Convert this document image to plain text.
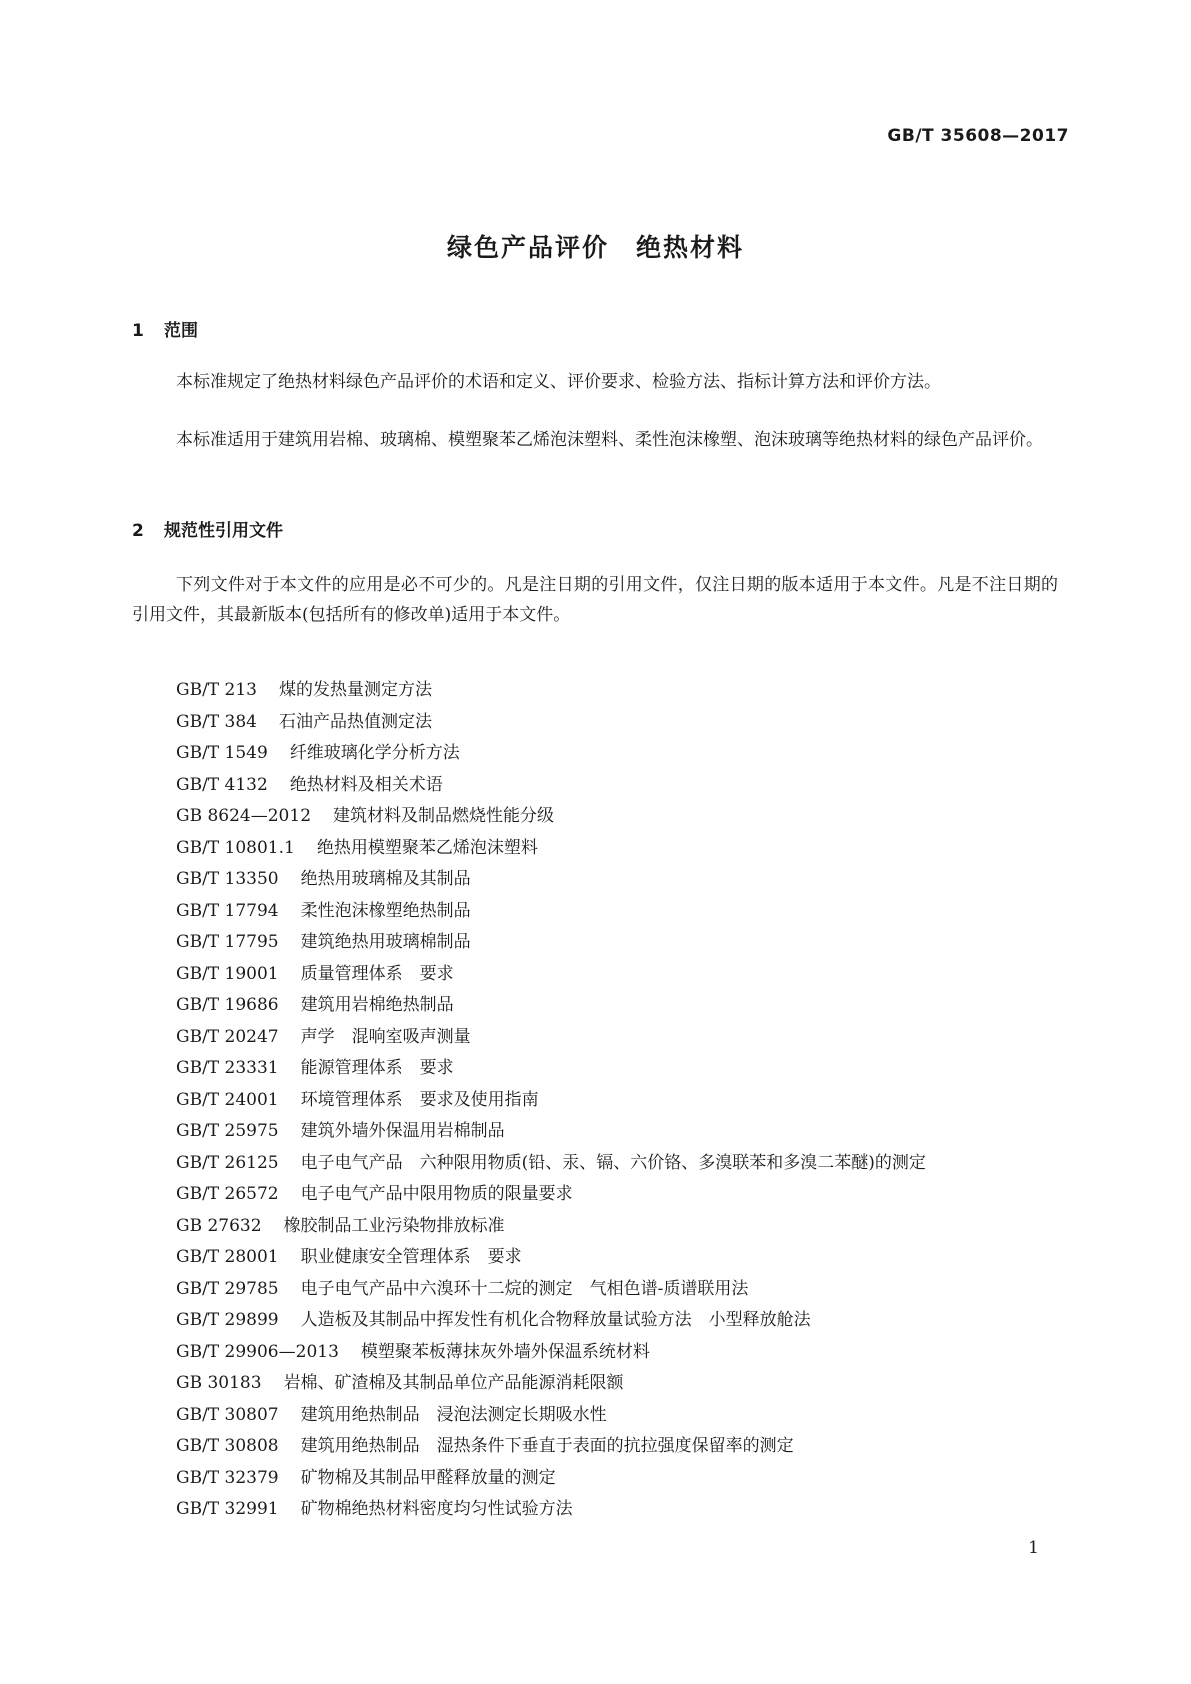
GB/T 35608—2017
绿色产品评价　绝热材料
1 范围
本标准规定了绝热材料绿色产品评价的术语和定义、评价要求、检验方法、指标计算方法和评价方法。
本标准适用于建筑用岩棉、玻璃棉、模塑聚苯乙烯泡沫塑料、柔性泡沫橡塑、泡沫玻璃等绝热材料的绿色产品评价。
2 规范性引用文件
下列文件对于本文件的应用是必不可少的。凡是注日期的引用文件，仅注日期的版本适用于本文件。凡是不注日期的引用文件，其最新版本(包括所有的修改单)适用于本文件。
GB/T 213 煤的发热量测定方法
GB/T 384 石油产品热值测定法
GB/T 1549 纤维玻璃化学分析方法
GB/T 4132 绝热材料及相关术语
GB 8624—2012 建筑材料及制品燃烧性能分级
GB/T 10801.1 绝热用模塑聚苯乙烯泡沫塑料
GB/T 13350 绝热用玻璃棉及其制品
GB/T 17794 柔性泡沫橡塑绝热制品
GB/T 17795 建筑绝热用玻璃棉制品
GB/T 19001 质量管理体系　要求
GB/T 19686 建筑用岩棉绝热制品
GB/T 20247 声学　混响室吸声测量
GB/T 23331 能源管理体系　要求
GB/T 24001 环境管理体系　要求及使用指南
GB/T 25975 建筑外墙外保温用岩棉制品
GB/T 26125 电子电气产品　六种限用物质(铅、汞、镉、六价铬、多溴联苯和多溴二苯醚)的测定
GB/T 26572 电子电气产品中限用物质的限量要求
GB 27632 橡胶制品工业污染物排放标准
GB/T 28001 职业健康安全管理体系　要求
GB/T 29785 电子电气产品中六溴环十二烷的测定　气相色谱-质谱联用法
GB/T 29899 人造板及其制品中挥发性有机化合物释放量试验方法　小型释放舱法
GB/T 29906—2013 模塑聚苯板薄抹灰外墙外保温系统材料
GB 30183 岩棉、矿渣棉及其制品单位产品能源消耗限额
GB/T 30807 建筑用绝热制品　浸泡法测定长期吸水性
GB/T 30808 建筑用绝热制品　湿热条件下垂直于表面的抗拉强度保留率的测定
GB/T 32379 矿物棉及其制品甲醛释放量的测定
GB/T 32991 矿物棉绝热材料密度均匀性试验方法
1
